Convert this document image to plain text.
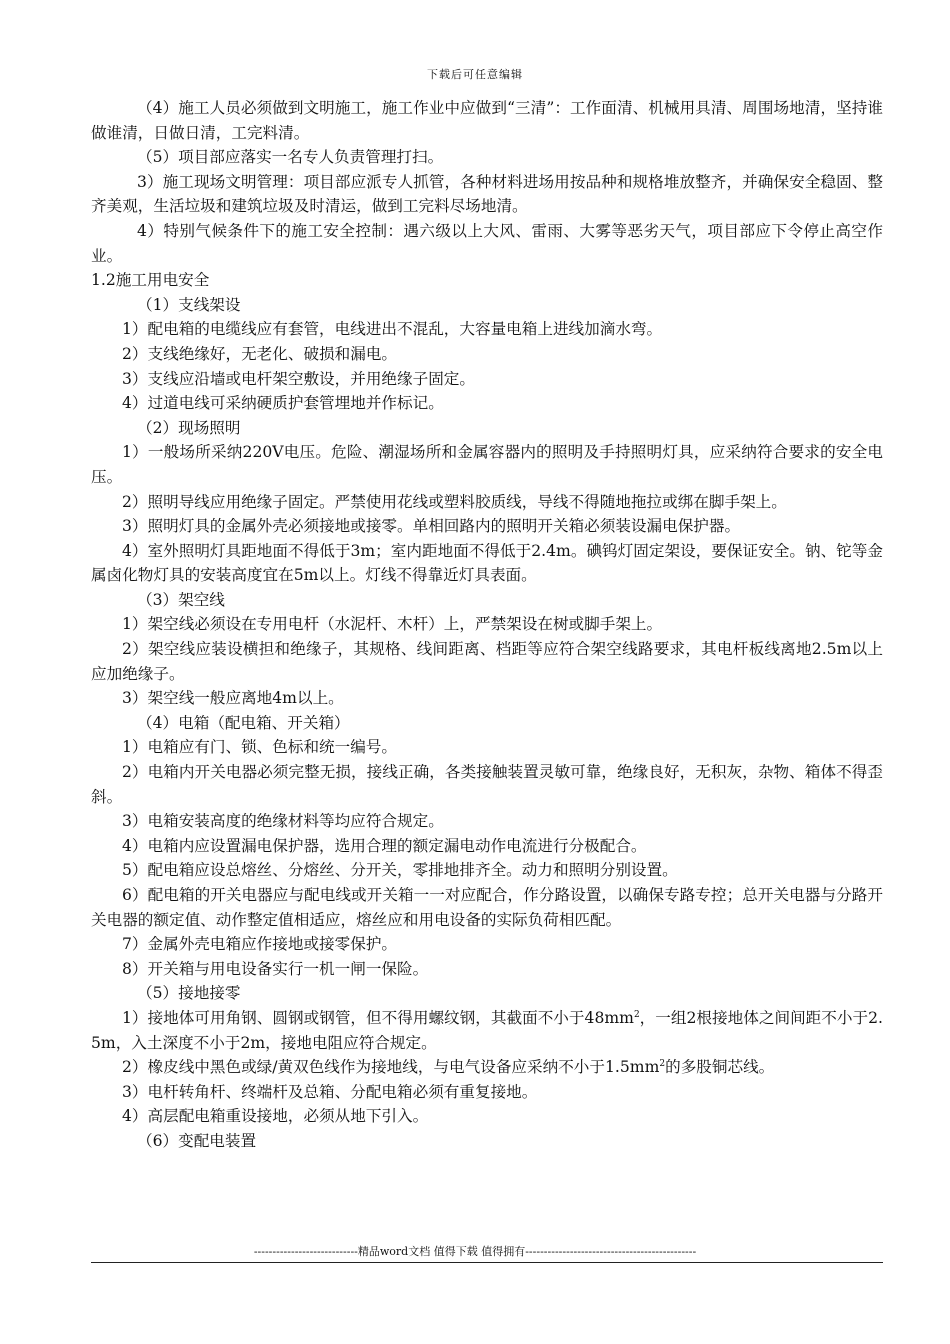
下载后可任意编辑

（4）施工人员必须做到文明施工，施工作业中应做到“三清”：工作面清、机械用具清、周围场地清，坚持谁做谁清，日做日清，工完料清。

（5）项目部应落实一名专人负责管理打扫。

3）施工现场文明管理：项目部应派专人抓管，各种材料进场用按品种和规格堆放整齐，并确保安全稳固、整齐美观，生活垃圾和建筑垃圾及时清运，做到工完料尽场地清。

4）特别气候条件下的施工安全控制：遇六级以上大风、雷雨、大雾等恶劣天气，项目部应下令停止高空作业。

1.2施工用电安全

（1）支线架设

1）配电箱的电缆线应有套管，电线进出不混乱，大容量电箱上进线加滴水弯。

2）支线绝缘好，无老化、破损和漏电。

3）支线应沿墙或电杆架空敷设，并用绝缘子固定。

4）过道电线可采纳硬质护套管埋地并作标记。

（2）现场照明

1）一般场所采纳220V电压。危险、潮湿场所和金属容器内的照明及手持照明灯具，应采纳符合要求的安全电压。

2）照明导线应用绝缘子固定。严禁使用花线或塑料胶质线，导线不得随地拖拉或绑在脚手架上。

3）照明灯具的金属外壳必须接地或接零。单相回路内的照明开关箱必须装设漏电保护器。

4）室外照明灯具距地面不得低于3m；室内距地面不得低于2.4m。碘钨灯固定架设，要保证安全。钠、铊等金属卤化物灯具的安装高度宜在5m以上。灯线不得靠近灯具表面。

（3）架空线

1）架空线必须设在专用电杆（水泥杆、木杆）上，严禁架设在树或脚手架上。

2）架空线应装设横担和绝缘子，其规格、线间距离、档距等应符合架空线路要求，其电杆板线离地2.5m以上应加绝缘子。

3）架空线一般应离地4m以上。

（4）电箱（配电箱、开关箱）

1）电箱应有门、锁、色标和统一编号。

2）电箱内开关电器必须完整无损，接线正确，各类接触装置灵敏可靠，绝缘良好，无积灰，杂物、箱体不得歪斜。

3）电箱安装高度的绝缘材料等均应符合规定。

4）电箱内应设置漏电保护器，选用合理的额定漏电动作电流进行分极配合。

5）配电箱应设总熔丝、分熔丝、分开关，零排地排齐全。动力和照明分别设置。

6）配电箱的开关电器应与配电线或开关箱一一对应配合，作分路设置，以确保专路专控；总开关电器与分路开关电器的额定值、动作整定值相适应，熔丝应和用电设备的实际负荷相匹配。

7）金属外壳电箱应作接地或接零保护。

8）开关箱与用电设备实行一机一闸一保险。

（5）接地接零

1）接地体可用角钢、圆钢或钢管，但不得用螺纹钢，其截面不小于$48mm^2$，一组2根接地体之间间距不小于2.5m，入土深度不小于2m，接地电阻应符合规定。

2）橡皮线中黑色或绿/黄双色线作为接地线，与电气设备应采纳不小于$1.5mm^2$的多股铜芯线。

3）电杆转角杆、终端杆及总箱、分配电箱必须有重复接地。

4）高层配电箱重设接地，必须从地下引入。

（6）变配电装置

----------------------------精品word文档 值得下载 值得拥有----------------------------------------------
